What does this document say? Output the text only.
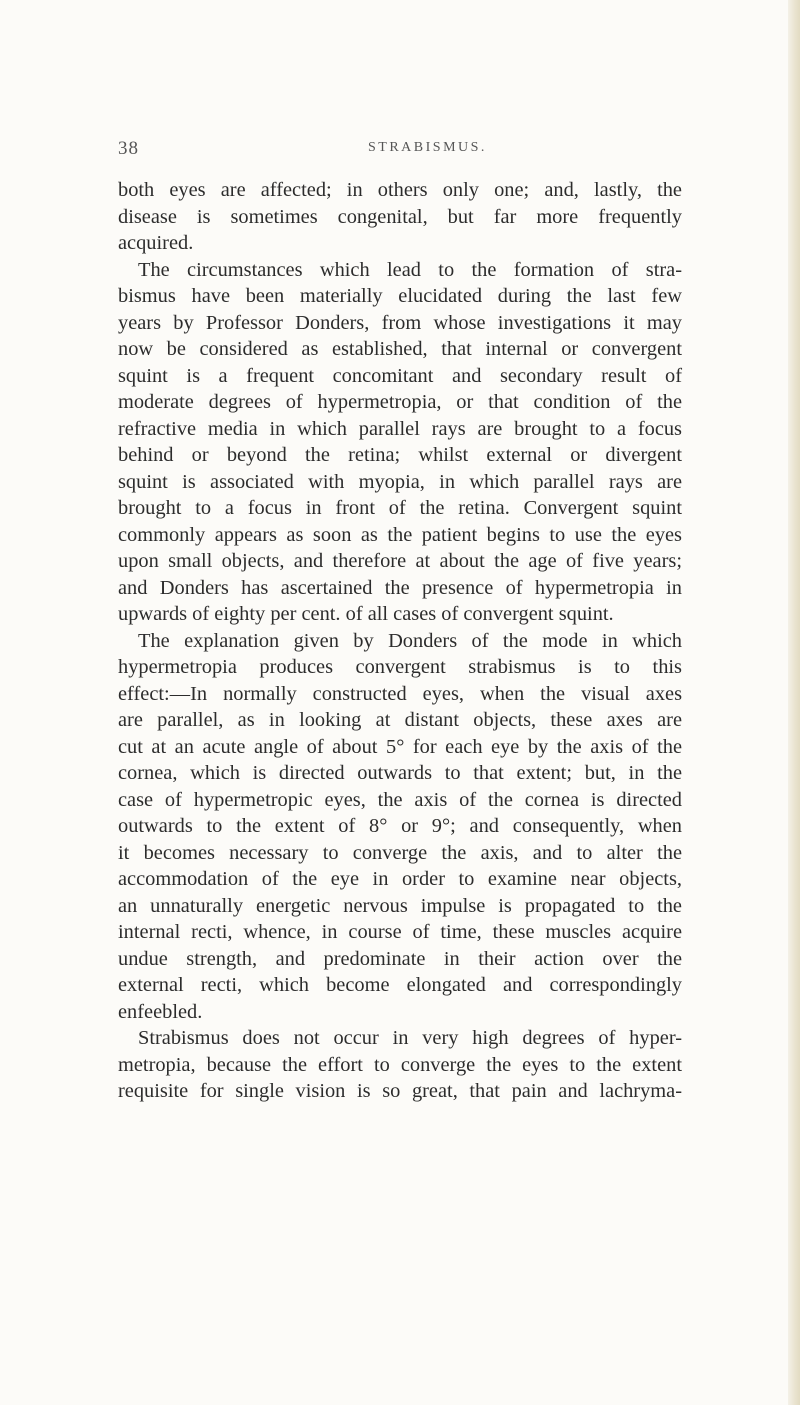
38	STRABISMUS.
both eyes are affected; in others only one; and, lastly, the
disease is sometimes congenital, but far more frequently
acquired.
The circumstances which lead to the formation of stra-
bismus have been materially elucidated during the last few
years by Professor Donders, from whose investigations it may
now be considered as established, that internal or convergent
squint is a frequent concomitant and secondary result of
moderate degrees of hypermetropia, or that condition of the
refractive media in which parallel rays are brought to a focus
behind or beyond the retina; whilst external or divergent
squint is associated with myopia, in which parallel rays are
brought to a focus in front of the retina. Convergent squint
commonly appears as soon as the patient begins to use the eyes
upon small objects, and therefore at about the age of five years;
and Donders has ascertained the presence of hypermetropia in
upwards of eighty per cent. of all cases of convergent squint.
The explanation given by Donders of the mode in which
hypermetropia produces convergent strabismus is to this
effect:—In normally constructed eyes, when the visual axes
are parallel, as in looking at distant objects, these axes are
cut at an acute angle of about 5° for each eye by the axis of the
cornea, which is directed outwards to that extent; but, in the
case of hypermetropic eyes, the axis of the cornea is directed
outwards to the extent of 8° or 9°; and consequently, when
it becomes necessary to converge the axis, and to alter the
accommodation of the eye in order to examine near objects,
an unnaturally energetic nervous impulse is propagated to the
internal recti, whence, in course of time, these muscles acquire
undue strength, and predominate in their action over the
external recti, which become elongated and correspondingly
enfeebled.
Strabismus does not occur in very high degrees of hyper-
metropia, because the effort to converge the eyes to the extent
requisite for single vision is so great, that pain and lachryma-
